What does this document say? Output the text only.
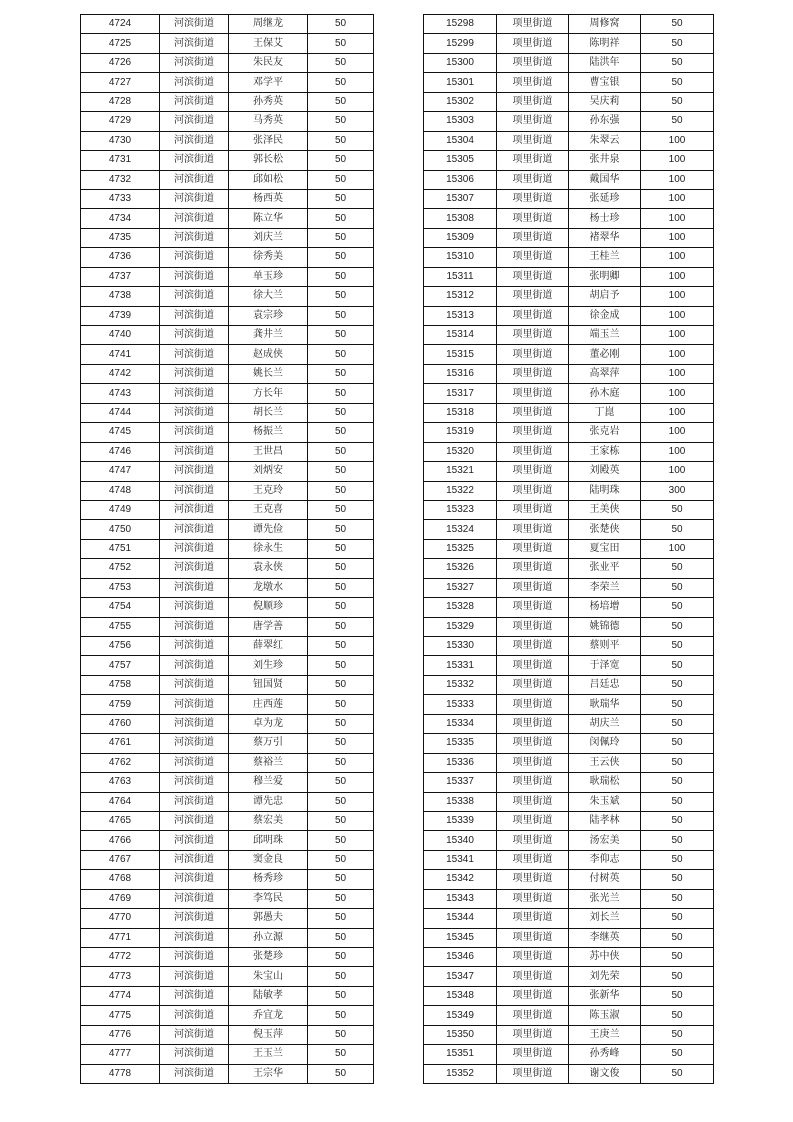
4724	河滨街道	周继龙	50
4725	河滨街道	王保艾	50
4726	河滨街道	朱民友	50
4727	河滨街道	邓学平	50
4728	河滨街道	孙秀英	50
4729	河滨街道	马秀英	50
4730	河滨街道	张泽民	50
4731	河滨街道	郭长松	50
4732	河滨街道	邱如松	50
4733	河滨街道	杨西英	50
4734	河滨街道	陈立华	50
4735	河滨街道	刘庆兰	50
4736	河滨街道	徐秀美	50
4737	河滨街道	单玉珍	50
4738	河滨街道	徐大兰	50
4739	河滨街道	袁宗珍	50
4740	河滨街道	龚井兰	50
4741	河滨街道	赵成侠	50
4742	河滨街道	姚长兰	50
4743	河滨街道	方长年	50
4744	河滨街道	胡长兰	50
4745	河滨街道	杨振兰	50
4746	河滨街道	王世昌	50
4747	河滨街道	刘炳安	50
4748	河滨街道	王克玲	50
4749	河滨街道	王克喜	50
4750	河滨街道	谭先俭	50
4751	河滨街道	徐永生	50
4752	河滨街道	袁永侠	50
4753	河滨街道	龙墩水	50
4754	河滨街道	倪顺珍	50
4755	河滨街道	唐学善	50
4756	河滨街道	薛翠红	50
4757	河滨街道	刘生珍	50
4758	河滨街道	钮国贤	50
4759	河滨街道	庄西莲	50
4760	河滨街道	卓为龙	50
4761	河滨街道	蔡万引	50
4762	河滨街道	蔡裕兰	50
4763	河滨街道	穆兰爱	50
4764	河滨街道	谭先忠	50
4765	河滨街道	蔡宏美	50
4766	河滨街道	邱明珠	50
4767	河滨街道	窦金良	50
4768	河滨街道	杨秀珍	50
4769	河滨街道	李笃民	50
4770	河滨街道	郭愚夫	50
4771	河滨街道	孙立源	50
4772	河滨街道	张楚珍	50
4773	河滨街道	朱宝山	50
4774	河滨街道	陆敏孝	50
4775	河滨街道	乔宜龙	50
4776	河滨街道	倪玉萍	50
4777	河滨街道	王玉兰	50
4778	河滨街道	王宗华	50
15298	项里街道	周修窝	50
15299	项里街道	陈明祥	50
15300	项里街道	陆洪年	50
15301	项里街道	曹宝银	50
15302	项里街道	吴庆莉	50
15303	项里街道	孙东强	50
15304	项里街道	朱翠云	100
15305	项里街道	张井泉	100
15306	项里街道	戴国华	100
15307	项里街道	张延珍	100
15308	项里街道	杨士珍	100
15309	项里街道	褚翠华	100
15310	项里街道	王桂兰	100
15311	项里街道	张明卿	100
15312	项里街道	胡启予	100
15313	项里街道	徐金成	100
15314	项里街道	端玉兰	100
15315	项里街道	董必刚	100
15316	项里街道	高翠萍	100
15317	项里街道	孙木庭	100
15318	项里街道	丁崑	100
15319	项里街道	张克岩	100
15320	项里街道	王家栋	100
15321	项里街道	刘殿英	100
15322	项里街道	陆明珠	300
15323	项里街道	王美侠	50
15324	项里街道	张楚侠	50
15325	项里街道	夏宝田	100
15326	项里街道	张业平	50
15327	项里街道	李荣兰	50
15328	项里街道	杨培增	50
15329	项里街道	姚锦德	50
15330	项里街道	蔡则平	50
15331	项里街道	于泽宽	50
15332	项里街道	吕廷忠	50
15333	项里街道	耿瑞华	50
15334	项里街道	胡庆兰	50
15335	项里街道	闵佩玲	50
15336	项里街道	王云侠	50
15337	项里街道	耿瑞松	50
15338	项里街道	朱玉斌	50
15339	项里街道	陆孝林	50
15340	项里街道	汤宏美	50
15341	项里街道	李仰志	50
15342	项里街道	付树英	50
15343	项里街道	张光兰	50
15344	项里街道	刘长兰	50
15345	项里街道	李继英	50
15346	项里街道	苏中侠	50
15347	项里街道	刘先荣	50
15348	项里街道	张新华	50
15349	项里街道	陈玉淑	50
15350	项里街道	王庚兰	50
15351	项里街道	孙秀峰	50
15352	项里街道	谢文俊	50
